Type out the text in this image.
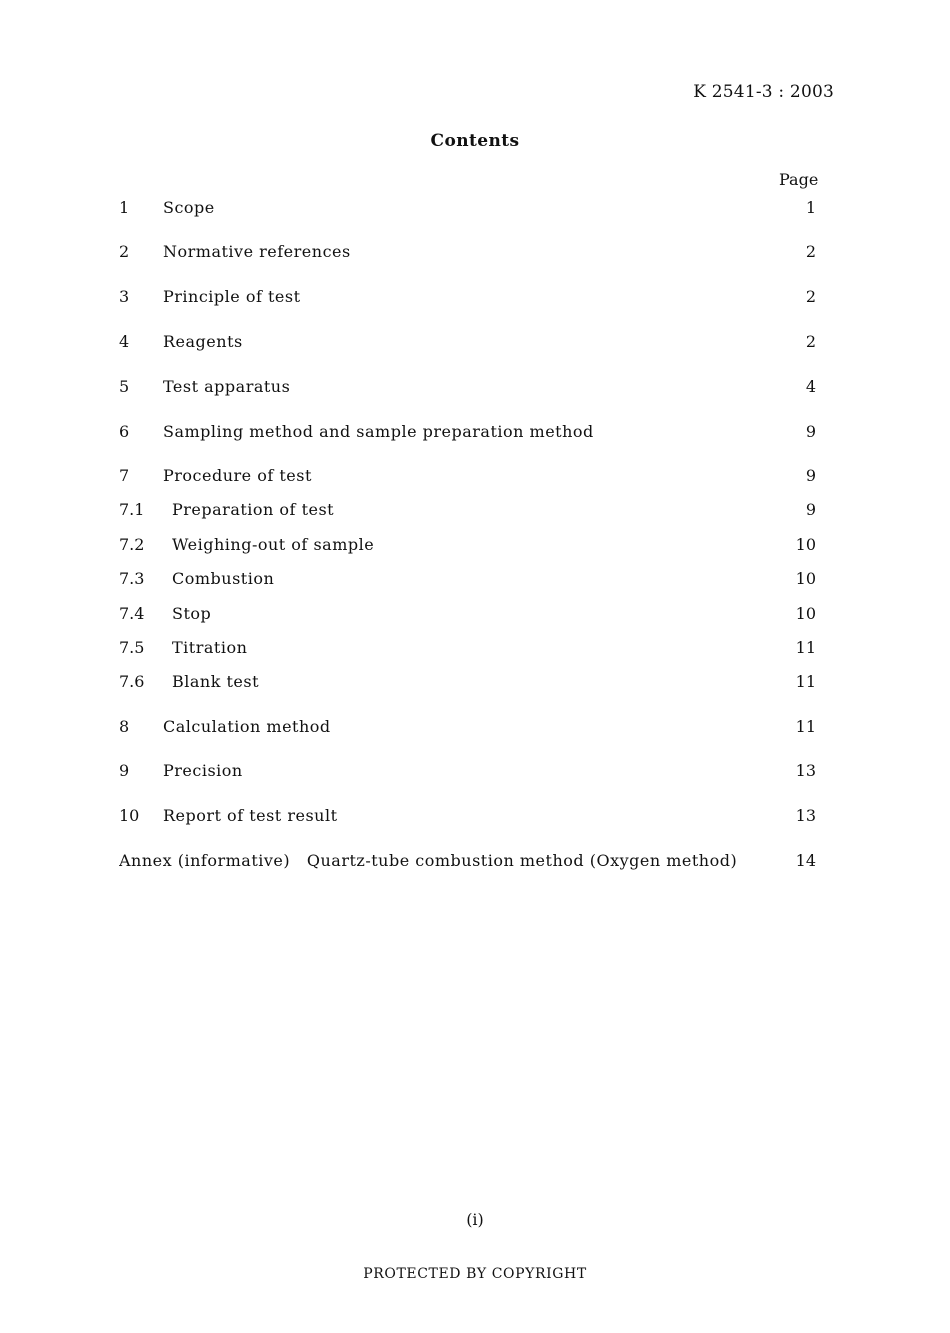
K 2541-3 : 2003
Contents
Page
1 Scope .....	1
2 Normative references .....	2
3 Principle of test .....	2
4 Reagents .....	2
5 Test apparatus .....	4
6 Sampling method and sample preparation method .....	9
7 Procedure of test .....	9
7.1 Preparation of test .....	9
7.2 Weighing-out of sample .....	10
7.3 Combustion .....	10
7.4 Stop .....	10
7.5 Titration .....	11
7.6 Blank test .....	11
8 Calculation method .....	11
9 Precision .....	13
10 Report of test result .....	13
Annex (informative)   Quartz-tube combustion method (Oxygen method) .....	14
(i)
PROTECTED BY COPYRIGHT
